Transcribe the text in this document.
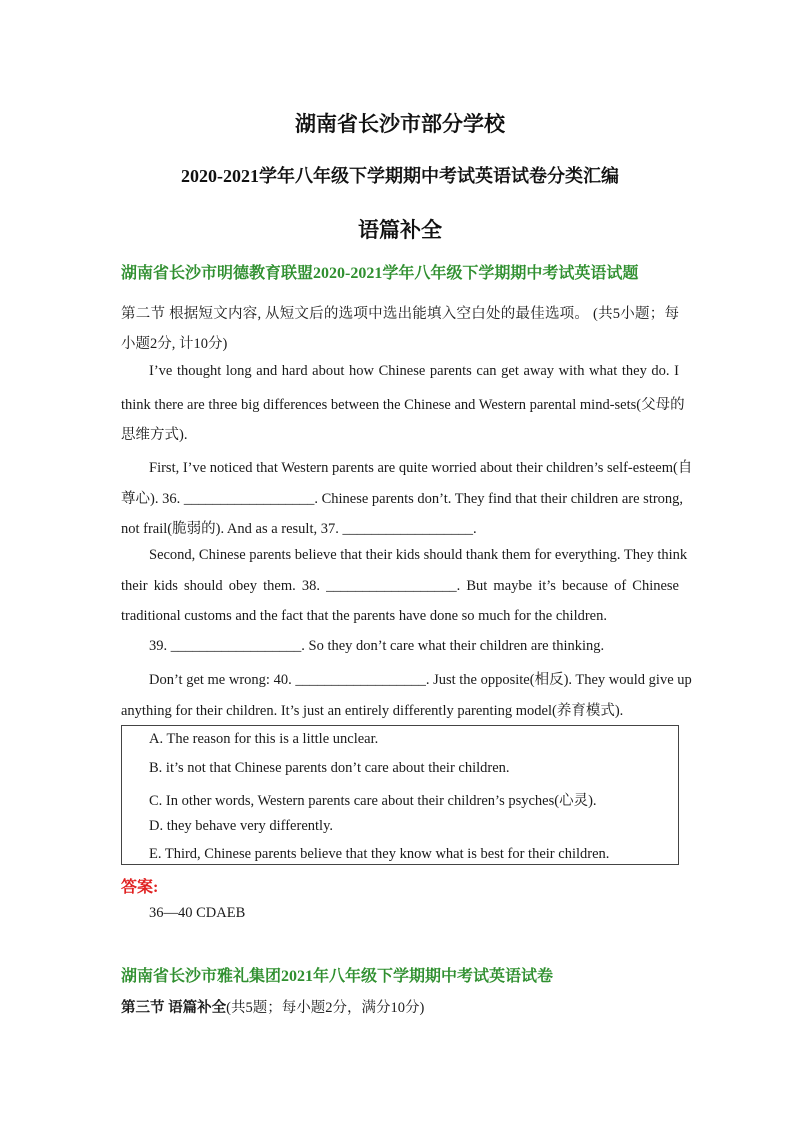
湖南省长沙市部分学校
2020-2021学年八年级下学期期中考试英语试卷分类汇编
语篇补全
湖南省长沙市明德教育联盟2020-2021学年八年级下学期期中考试英语试题
第二节 根据短文内容, 从短文后的选项中选出能填入空白处的最佳选项。 (共5小题；每
小题2分, 计10分)
I’ve thought long and hard about how Chinese parents can get away with what they do. I
think there are three big differences between the Chinese and Western parental mind-sets(父母的
思维方式).
First, I’ve noticed that Western parents are quite worried about their children’s self-esteem(自
尊心). 36. __________________. Chinese parents don’t. They find that their children are strong,
not frail(脆弱的). And as a result, 37. __________________.
Second, Chinese parents believe that their kids should thank them for everything. They think
their kids should obey them. 38. __________________. But maybe it’s because of Chinese
traditional customs and the fact that the parents have done so much for the children.
39. __________________. So they don’t care what their children are thinking.
Don’t get me wrong: 40. __________________. Just the opposite(相反). They would give up
anything for their children. It’s just an entirely differently parenting model(养育模式).
A. The reason for this is a little unclear.
B. it’s not that Chinese parents don’t care about their children.
C. In other words, Western parents care about their children’s psyches(心灵).
D. they behave very differently.
E. Third, Chinese parents believe that they know what is best for their children.
答案:
36—40 CDAEB
湖南省长沙市雅礼集团2021年八年级下学期期中考试英语试卷
第三节 语篇补全(共5题；每小题2分，满分10分)
